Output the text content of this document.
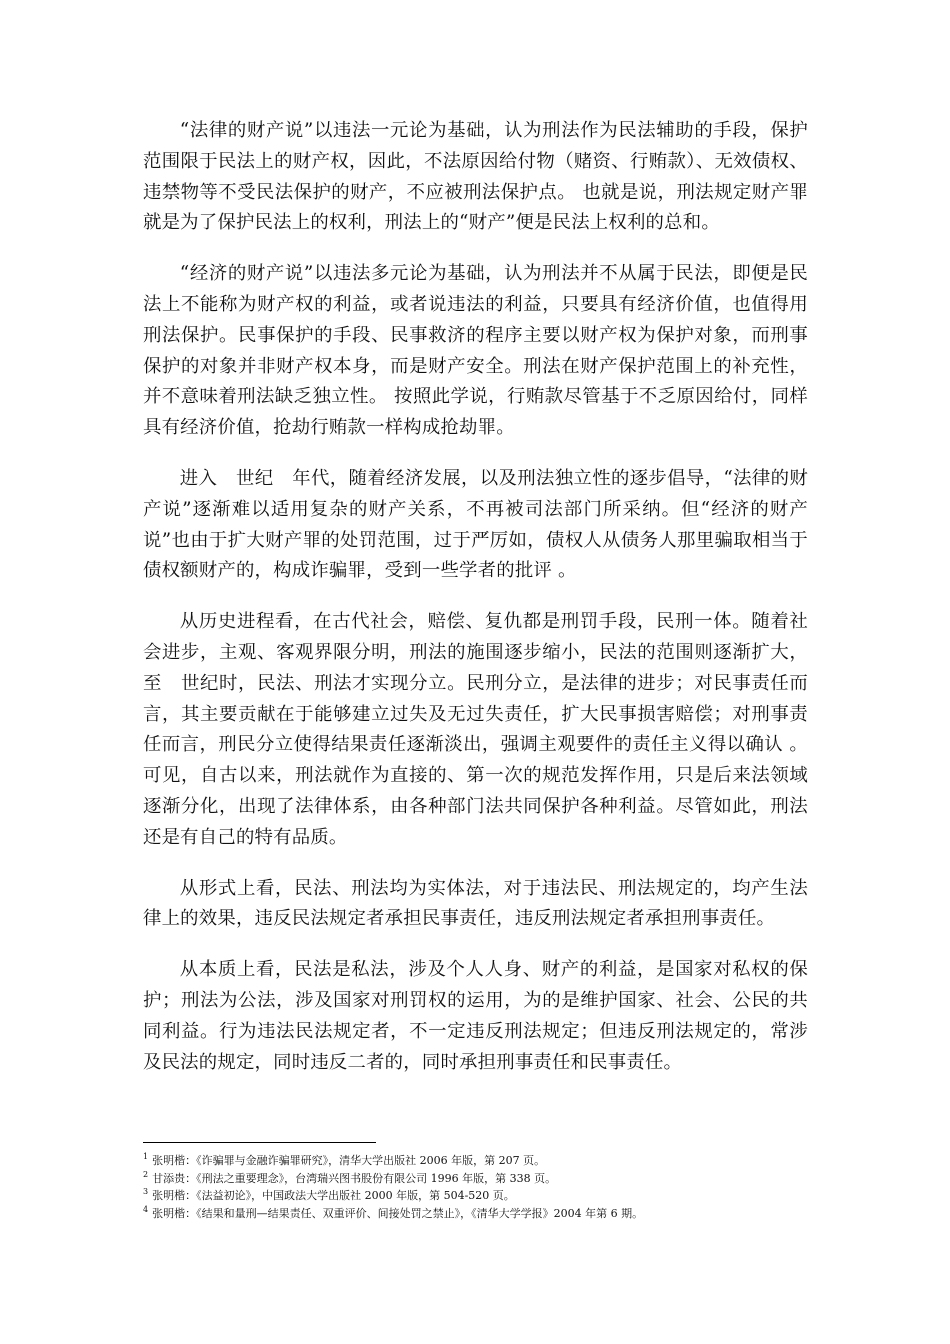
“法律的财产说”以违法一元论为基础，认为刑法作为民法辅助的手段，保护范围限于民法上的财产权，因此，不法原因给付物（赌资、行贿款）、无效债权、违禁物等不受民法保护的财产，不应被刑法保护点。 也就是说，刑法规定财产罪就是为了保护民法上的权利，刑法上的“财产”便是民法上权利的总和。

“经济的财产说”以违法多元论为基础，认为刑法并不从属于民法，即便是民法上不能称为财产权的利益，或者说违法的利益，只要具有经济价值，也值得用刑法保护。民事保护的手段、民事救济的程序主要以财产权为保护对象，而刑事保护的对象并非财产权本身，而是财产安全。刑法在财产保护范围上的补充性，并不意味着刑法缺乏独立性。 按照此学说，行贿款尽管基于不乏原因给付，同样具有经济价值，抢劫行贿款一样构成抢劫罪。

进入　世纪　年代，随着经济发展，以及刑法独立性的逐步倡导，“法律的财产说”逐渐难以适用复杂的财产关系，不再被司法部门所采纳。但“经济的财产说”也由于扩大财产罪的处罚范围，过于严厉如，债权人从债务人那里骗取相当于债权额财产的，构成诈骗罪，受到一些学者的批评 。

从历史进程看，在古代社会，赔偿、复仇都是刑罚手段，民刑一体。随着社会进步，主观、客观界限分明，刑法的施围逐步缩小，民法的范围则逐渐扩大，至　世纪时，民法、刑法才实现分立。民刑分立，是法律的进步；对民事责任而言，其主要贡献在于能够建立过失及无过失责任，扩大民事损害赔偿；对刑事责任而言，刑民分立使得结果责任逐渐淡出，强调主观要件的责任主义得以确认 。可见，自古以来，刑法就作为直接的、第一次的规范发挥作用，只是后来法领域逐渐分化，出现了法律体系，由各种部门法共同保护各种利益。尽管如此，刑法还是有自己的特有品质。

从形式上看，民法、刑法均为实体法，对于违法民、刑法规定的，均产生法律上的效果，违反民法规定者承担民事责任，违反刑法规定者承担刑事责任。

从本质上看，民法是私法，涉及个人人身、财产的利益，是国家对私权的保护；刑法为公法，涉及国家对刑罚权的运用，为的是维护国家、社会、公民的共同利益。行为违法民法规定者，不一定违反刑法规定；但违反刑法规定的，常涉及民法的规定，同时违反二者的，同时承担刑事责任和民事责任。

$^1$ 张明楷：《诈骗罪与金融诈骗罪研究》，清华大学出版社 2006 年版，第 207 页。
$^2$ 甘添贵：《刑法之重要理念》，台湾瑞兴图书股份有限公司 1996 年版，第 338 页。
$^3$ 张明楷：《法益初论》，中国政法大学出版社 2000 年版，第 504-520 页。
$^4$ 张明楷：《结果和量刑—结果责任、双重评价、间接处罚之禁止》，《清华大学学报》2004 年第 6 期。
